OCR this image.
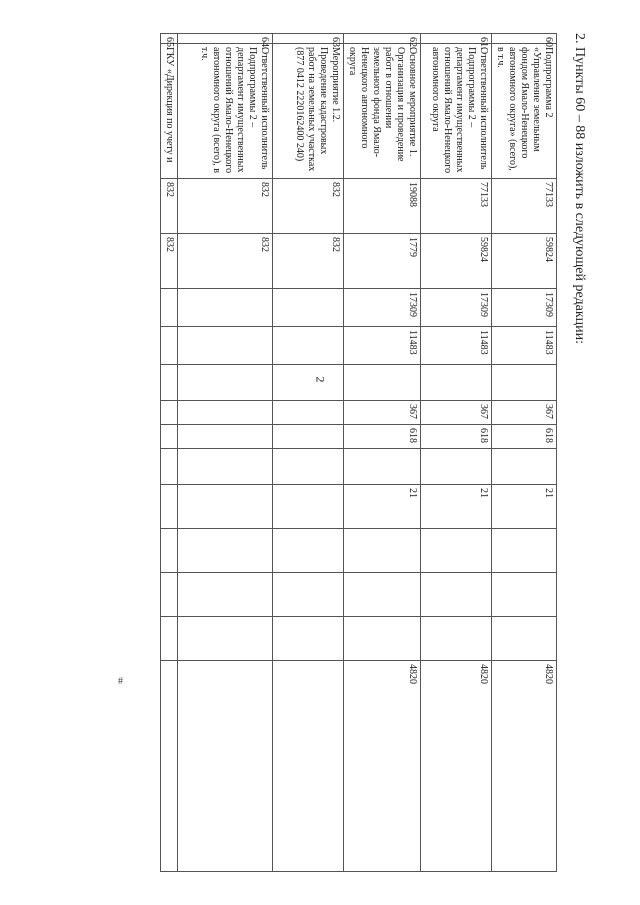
2
#
2. Пункты 60 – 88 изложить в следующей редакции:
60	Подпрограмма 2 «Управление земельным фондом Ямало-Ненецкого автономного округа» (всего), в т.ч.	77133	59824	17309	11483		367	618		21				4820
61.	Ответственный исполнитель Подпрограммы 2 – департамент имущественных отношений Ямало-Ненецкого автономного округа	77133	59824	17309	11483		367	618		21				4820
62.	Основное мероприятие 1. Организация и проведение работ в отношении земельного фонда Ямало-Ненецкого автономного округа	19088	1779	17309	11483		367	618		21				4820
63.	Мероприятие 1.2. Проведение кадастровых работ на земельных участках (877 0412 2220162400 240)	832	832											
64.	Ответственный исполнитель Подпрограммы 2 – департамент имущественных отношений Ямало-Ненецкого автономного округа (всего), в т.ч.	832	832											
65.	ГКУ «Дирекция по учету и	832	832											
